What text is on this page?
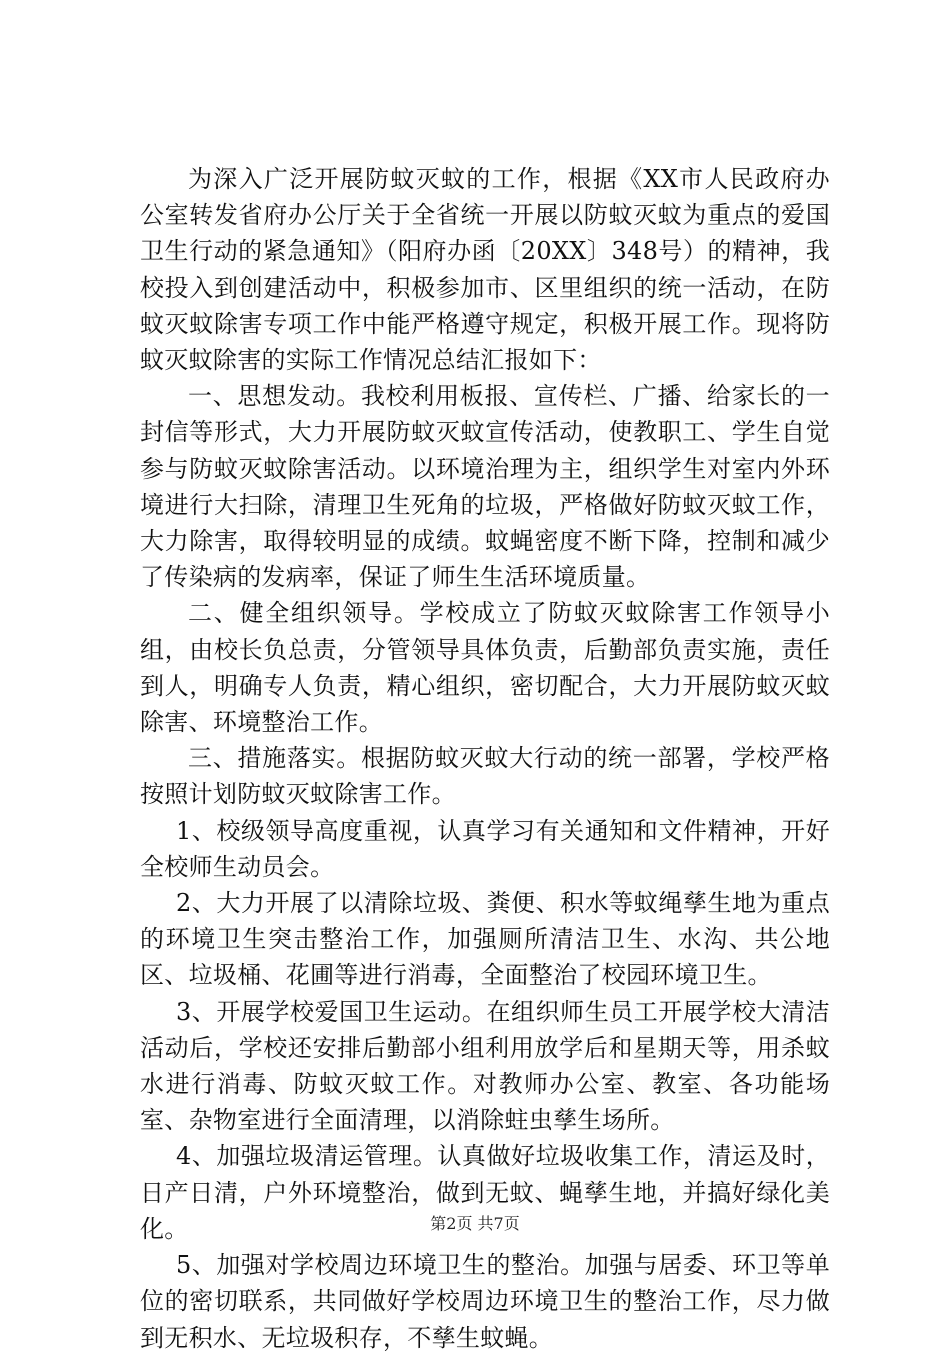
为深入广泛开展防蚊灭蚊的工作，根据《XX市人民政府办公室转发省府办公厅关于全省统一开展以防蚊灭蚊为重点的爱国卫生行动的紧急通知》（阳府办函〔20XX〕348号）的精神，我校投入到创建活动中，积极参加市、区里组织的统一活动，在防蚊灭蚊除害专项工作中能严格遵守规定，积极开展工作。现将防蚊灭蚊除害的实际工作情况总结汇报如下：

一、思想发动。我校利用板报、宣传栏、广播、给家长的一封信等形式，大力开展防蚊灭蚊宣传活动，使教职工、学生自觉参与防蚊灭蚊除害活动。以环境治理为主，组织学生对室内外环境进行大扫除，清理卫生死角的垃圾，严格做好防蚊灭蚊工作，大力除害，取得较明显的成绩。蚊蝇密度不断下降，控制和减少了传染病的发病率，保证了师生生活环境质量。

二、健全组织领导。学校成立了防蚊灭蚊除害工作领导小组，由校长负总责，分管领导具体负责，后勤部负责实施，责任到人，明确专人负责，精心组织，密切配合，大力开展防蚊灭蚊除害、环境整治工作。

三、措施落实。根据防蚊灭蚊大行动的统一部署，学校严格按照计划防蚊灭蚊除害工作。

1、校级领导高度重视，认真学习有关通知和文件精神，开好全校师生动员会。

2、大力开展了以清除垃圾、粪便、积水等蚊绳孳生地为重点的环境卫生突击整治工作，加强厕所清洁卫生、水沟、共公地区、垃圾桶、花圃等进行消毒，全面整治了校园环境卫生。

3、开展学校爱国卫生运动。在组织师生员工开展学校大清洁活动后，学校还安排后勤部小组利用放学后和星期天等，用杀蚊水进行消毒、防蚊灭蚊工作。对教师办公室、教室、各功能场室、杂物室进行全面清理，以消除蛀虫孳生场所。

4、加强垃圾清运管理。认真做好垃圾收集工作，清运及时，日产日清，户外环境整治，做到无蚊、蝇孳生地，并搞好绿化美化。

5、加强对学校周边环境卫生的整治。加强与居委、环卫等单位的密切联系，共同做好学校周边环境卫生的整治工作，尽力做到无积水、无垃圾积存，不孳生蚊蝇。

第2页 共7页
